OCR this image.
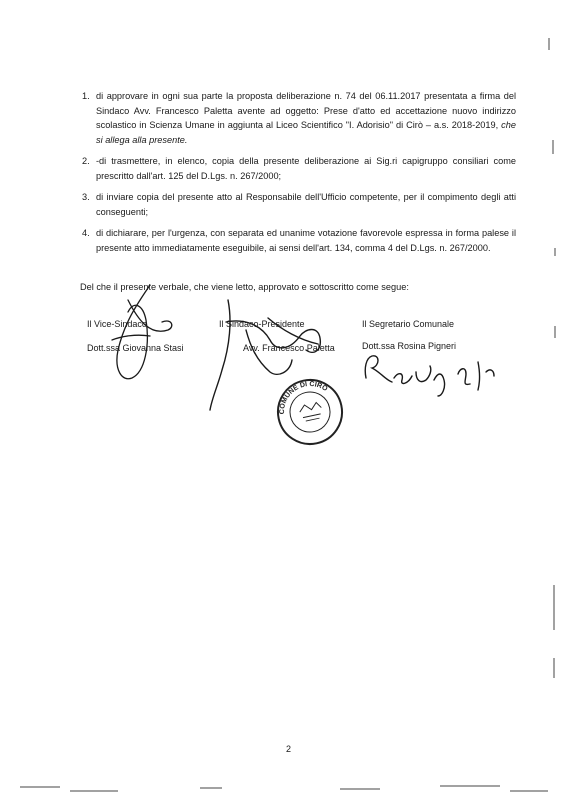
1. di approvare in ogni sua parte la proposta deliberazione n. 74 del 06.11.2017 presentata a firma del Sindaco Avv. Francesco Paletta avente ad oggetto: Prese d'atto ed accettazione nuovo indirizzo scolastico in Scienza Umane in aggiunta al Liceo Scientifico "I. Adorisio" di Cirò – a.s. 2018-2019, che si allega alla presente.

2. -di trasmettere, in elenco, copia della presente deliberazione ai Sig.ri capigruppo consiliari come prescritto dall'art. 125 del D.Lgs. n. 267/2000;

3. di inviare copia del presente atto al Responsabile dell'Ufficio competente, per il compimento degli atti conseguenti;

4. di dichiarare, per l'urgenza, con separata ed unanime votazione favorevole espressa in forma palese il presente atto immediatamente eseguibile, ai sensi dell'art. 134, comma 4 del D.Lgs. n. 267/2000.

Del che il presente verbale, che viene letto, approvato e sottoscritto come segue:
Il Vice-Sindaco
Dott.ssa Giovanna Stasi
Il Sindaco-Presidente
Avv. Francesco Paletta
Il Segretario Comunale
Dott.ssa Rosina Pigneri
COMUNE DI CIRÒ
2
